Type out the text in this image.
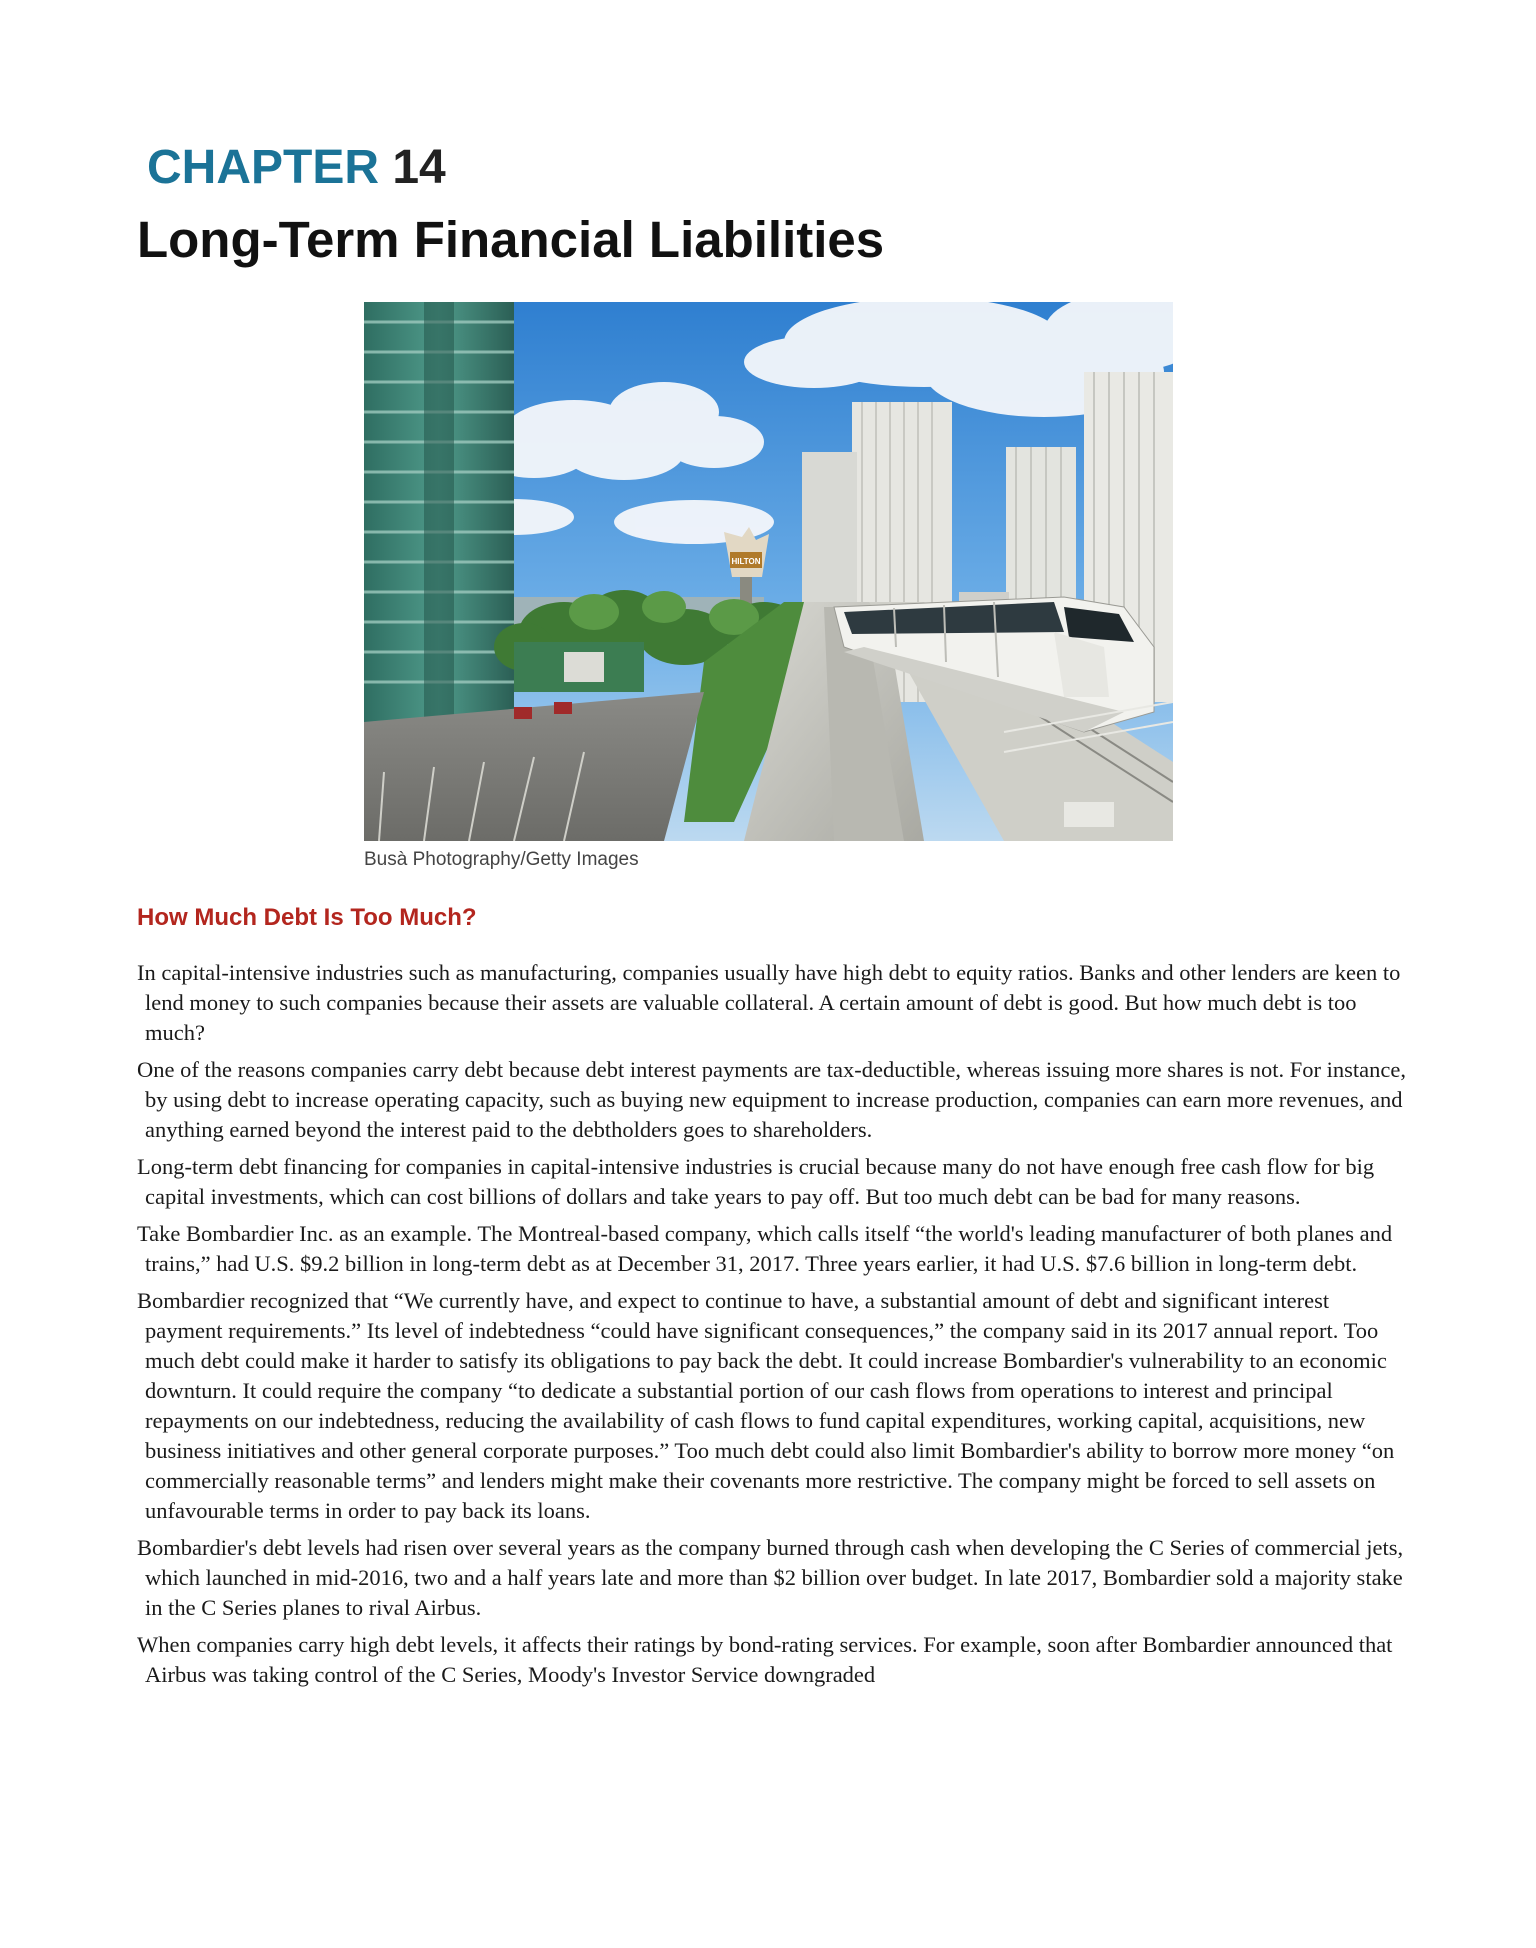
CHAPTER 14
Long-Term Financial Liabilities
HILTON
Busà Photography/Getty Images
How Much Debt Is Too Much?

In capital-intensive industries such as manufacturing, companies usually have high debt to equity ratios. Banks and other lenders are keen to lend money to such companies because their assets are valuable collateral. A certain amount of debt is good. But how much debt is too much?

One of the reasons companies carry debt because debt interest payments are tax-deductible, whereas issuing more shares is not. For instance, by using debt to increase operating capacity, such as buying new equipment to increase production, companies can earn more revenues, and anything earned beyond the interest paid to the debtholders goes to shareholders.

Long-term debt financing for companies in capital-intensive industries is crucial because many do not have enough free cash flow for big capital investments, which can cost billions of dollars and take years to pay off. But too much debt can be bad for many reasons.

Take Bombardier Inc. as an example. The Montreal-based company, which calls itself “the world's leading manufacturer of both planes and trains,” had U.S. $9.2 billion in long-term debt as at December 31, 2017. Three years earlier, it had U.S. $7.6 billion in long-term debt.

Bombardier recognized that “We currently have, and expect to continue to have, a substantial amount of debt and significant interest payment requirements.” Its level of indebtedness “could have significant consequences,” the company said in its 2017 annual report. Too much debt could make it harder to satisfy its obligations to pay back the debt. It could increase Bombardier's vulnerability to an economic downturn. It could require the company “to dedicate a substantial portion of our cash flows from operations to interest and principal repayments on our indebtedness, reducing the availability of cash flows to fund capital expenditures, working capital, acquisitions, new business initiatives and other general corporate purposes.” Too much debt could also limit Bombardier's ability to borrow more money “on commercially reasonable terms” and lenders might make their covenants more restrictive. The company might be forced to sell assets on unfavourable terms in order to pay back its loans.

Bombardier's debt levels had risen over several years as the company burned through cash when developing the C Series of commercial jets, which launched in mid-2016, two and a half years late and more than $2 billion over budget. In late 2017, Bombardier sold a majority stake in the C Series planes to rival Airbus.

When companies carry high debt levels, it affects their ratings by bond-rating services. For example, soon after Bombardier announced that Airbus was taking control of the C Series, Moody's Investor Service downgraded
